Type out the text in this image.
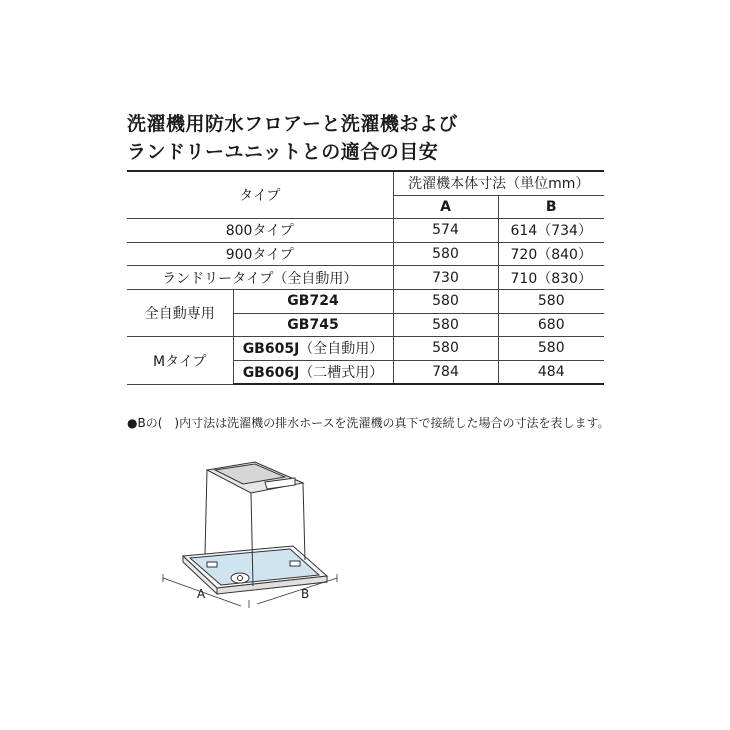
洗濯機用防水フロアーと洗濯機および
ランドリーユニットとの適合の目安
タイプ		洗濯機本体寸法（単位mm）	
		A	B
800タイプ		574	614（734）
900タイプ		580	720（840）
ランドリータイプ（全自動用）		730	710（830）
全自動専用	GB724	580	580
	GB745	580	680
Mタイプ	GB605J（全自動用）	580	580
	GB606J（二槽式用）	784	484
●Bの(　)内寸法は洗濯機の排水ホースを洗濯機の真下で接続した場合の寸法を表します。
A	B
